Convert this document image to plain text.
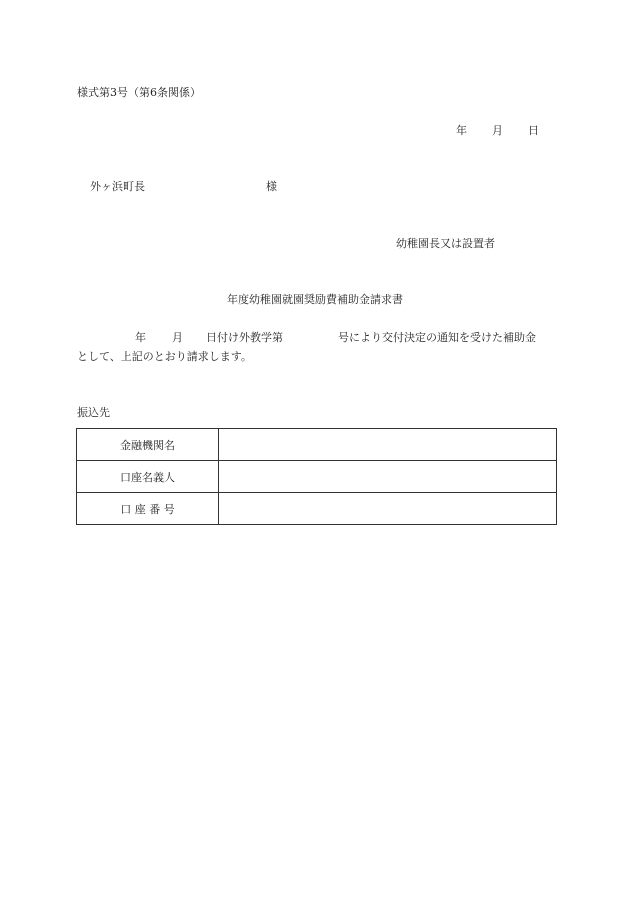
様式第3号（第6条関係）
年 月 日
外ヶ浜町長	様
幼稚園長又は設置者
年度幼稚園就園奨励費補助金請求書
年 月 日付け外教学第	号により交付決定の通知を受けた補助金
として、上記のとおり請求します。
振込先
金融機関名	
口座名義人	
口 座 番 号	
